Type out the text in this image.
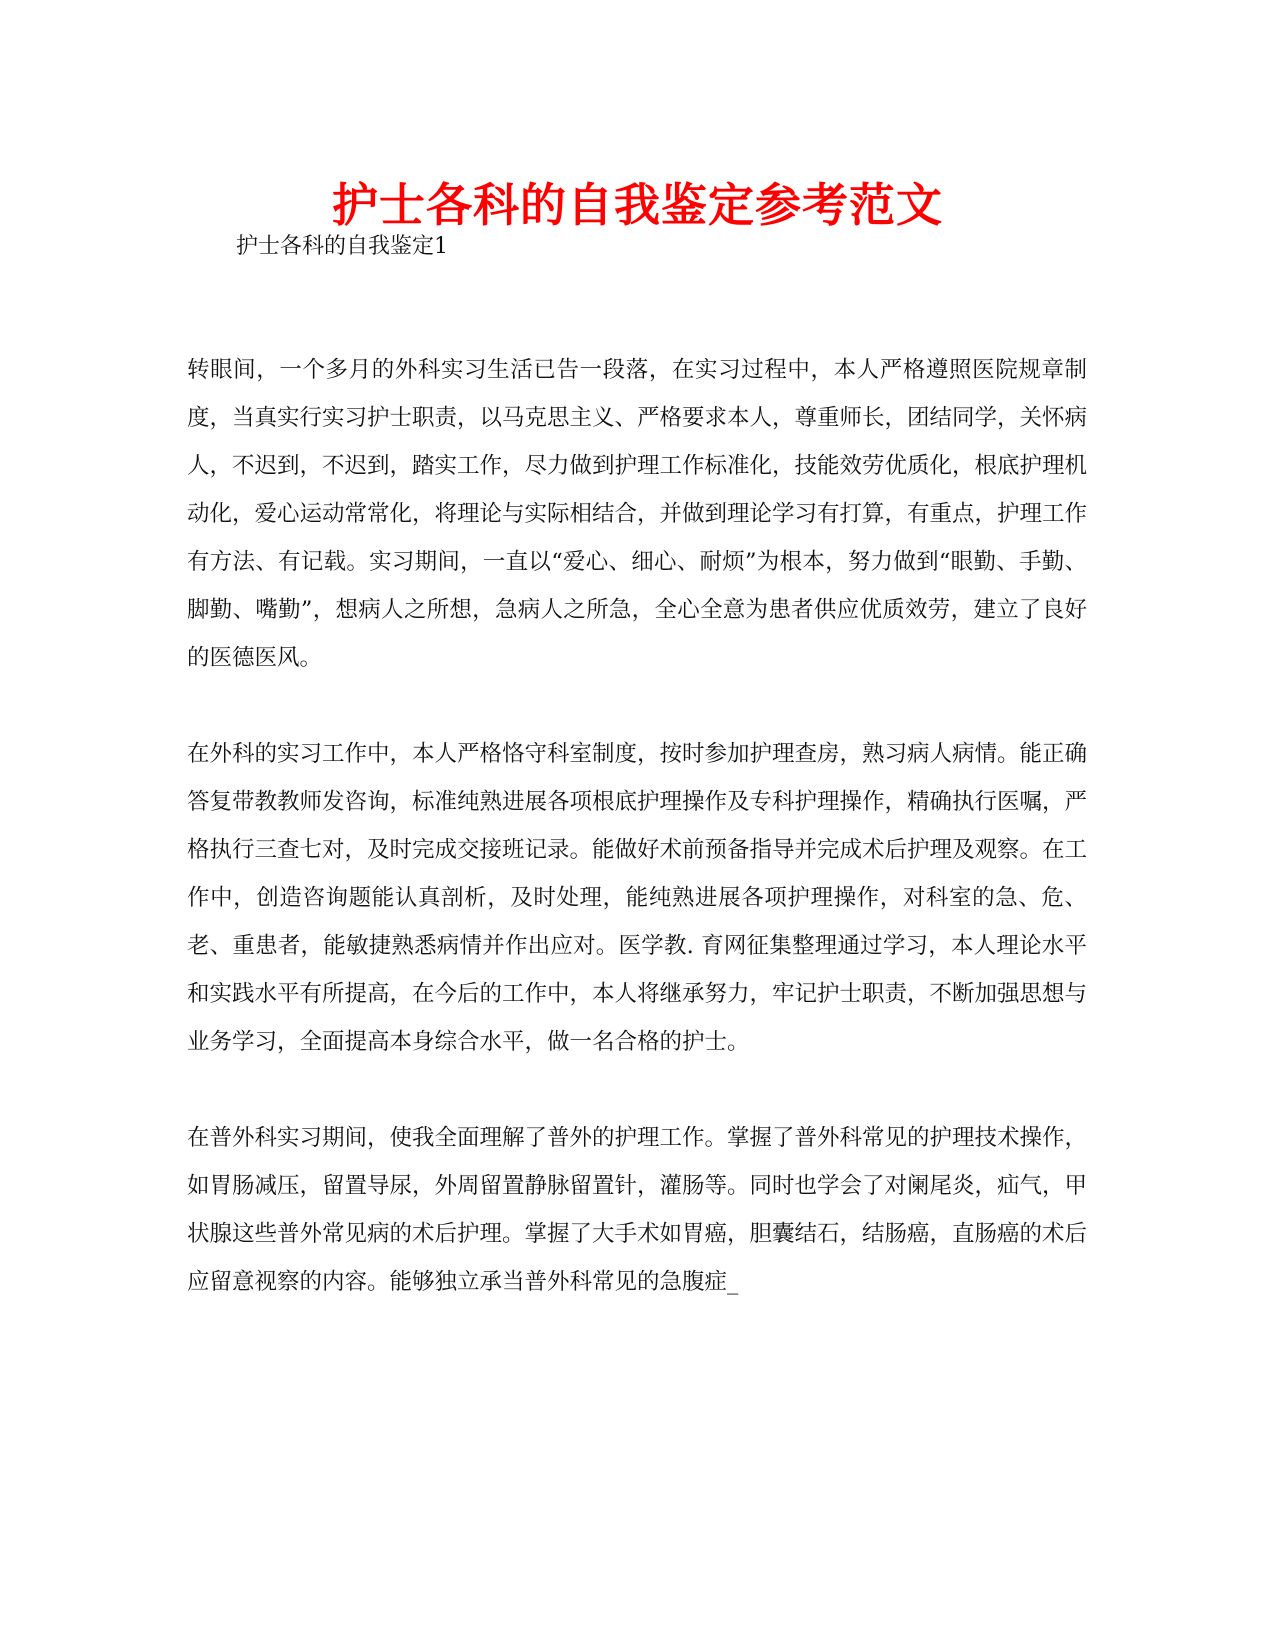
护士各科的自我鉴定参考范文
护士各科的自我鉴定1

转眼间，一个多月的外科实习生活已告一段落，在实习过程中，本人严格遵照医院规章制度，当真实行实习护士职责，以马克思主义、严格要求本人，尊重师长，团结同学，关怀病人，不迟到，不迟到，踏实工作，尽力做到护理工作标准化，技能效劳优质化，根底护理机动化，爱心运动常常化，将理论与实际相结合，并做到理论学习有打算，有重点，护理工作有方法、有记载。实习期间，一直以“爱心、细心、耐烦”为根本，努力做到“眼勤、手勤、脚勤、嘴勤”，想病人之所想，急病人之所急，全心全意为患者供应优质效劳，建立了良好的医德医风。

在外科的实习工作中，本人严格恪守科室制度，按时参加护理查房，熟习病人病情。能正确答复带教教师发咨询，标准纯熟进展各项根底护理操作及专科护理操作，精确执行医嘱，严格执行三查七对，及时完成交接班记录。能做好术前预备指导并完成术后护理及观察。在工作中，创造咨询题能认真剖析，及时处理，能纯熟进展各项护理操作，对科室的急、危、老、重患者，能敏捷熟悉病情并作出应对。医学教. 育网征集整理通过学习，本人理论水平和实践水平有所提高，在今后的工作中，本人将继承努力，牢记护士职责，不断加强思想与业务学习，全面提高本身综合水平，做一名合格的护士。

在普外科实习期间，使我全面理解了普外的护理工作。掌握了普外科常见的护理技术操作，如胃肠减压，留置导尿，外周留置静脉留置针，灌肠等。同时也学会了对阑尾炎，疝气，甲状腺这些普外常见病的术后护理。掌握了大手术如胃癌，胆囊结石，结肠癌，直肠癌的术后应留意视察的内容。能够独立承当普外科常见的急腹症_
